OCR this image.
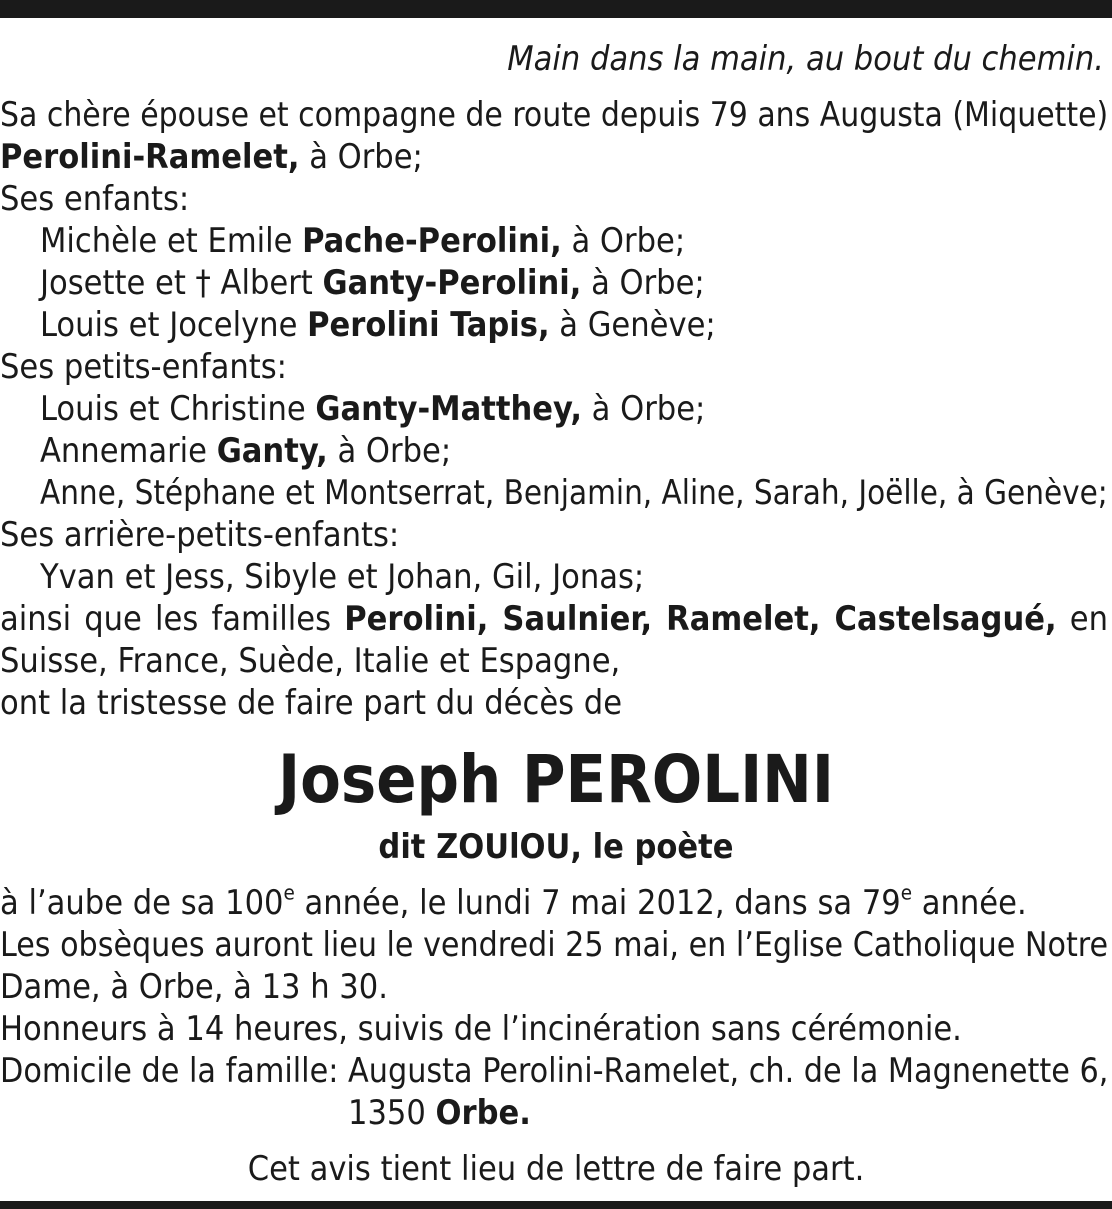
Main dans la main, au bout du chemin.
Sa chère épouse et compagne de route depuis 79 ans Augusta (Miquette)
Perolini-Ramelet, à Orbe;
Ses enfants:
Michèle et Emile Pache-Perolini, à Orbe;
Josette et † Albert Ganty-Perolini, à Orbe;
Louis et Jocelyne Perolini Tapis, à Genève;
Ses petits-enfants:
Louis et Christine Ganty-Matthey, à Orbe;
Annemarie Ganty, à Orbe;
Anne, Stéphane et Montserrat, Benjamin, Aline, Sarah, Joëlle, à Genève;
Ses arrière-petits-enfants:
Yvan et Jess, Sibyle et Johan, Gil, Jonas;
ainsi que les familles Perolini, Saulnier, Ramelet, Castelsagué, en
Suisse, France, Suède, Italie et Espagne,
ont la tristesse de faire part du décès de
Joseph PEROLINI
dit ZOUlOU, le poète
à l’aube de sa 100e année, le lundi 7 mai 2012, dans sa 79e année.
Les obsèques auront lieu le vendredi 25 mai, en l’Eglise Catholique Notre
Dame, à Orbe, à 13 h 30.
Honneurs à 14 heures, suivis de l’incinération sans cérémonie.
Domicile de la famille: Augusta Perolini-Ramelet, ch. de la Magnenette 6,
1350 Orbe.
Cet avis tient lieu de lettre de faire part.
